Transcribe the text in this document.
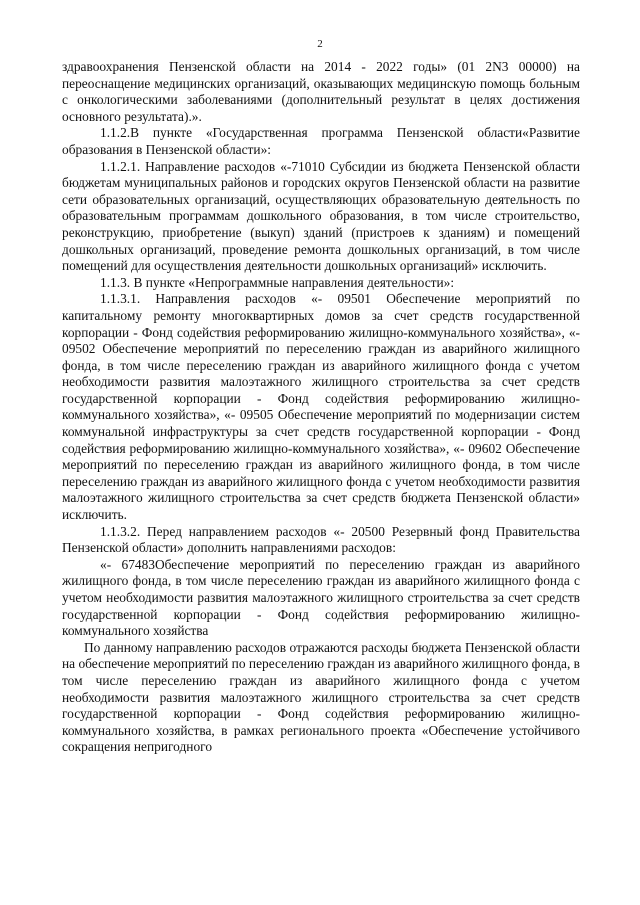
2

здравоохранения Пензенской области на 2014 - 2022 годы» (01 2N3 00000) на переоснащение медицинских организаций, оказывающих медицинскую помощь больным с онкологическими заболеваниями (дополнительный результат в целях достижения основного результата).».

1.1.2.В пункте «Государственная программа Пензенской области«Развитие образования в Пензенской области»:

1.1.2.1. Направление расходов «-71010 Субсидии из бюджета Пензенской области бюджетам муниципальных районов и городских округов Пензенской области на развитие сети образовательных организаций, осуществляющих образовательную деятельность по образовательным программам дошкольного образования, в том числе строительство, реконструкцию, приобретение (выкуп) зданий (пристроев к зданиям) и помещений дошкольных организаций, проведение ремонта дошкольных организаций, в том числе помещений для осуществления деятельности дошкольных организаций» исключить.

1.1.3. В пункте «Непрограммные направления деятельности»:

1.1.3.1. Направления расходов «- 09501 Обеспечение мероприятий по капитальному ремонту многоквартирных домов за счет средств государственной корпорации - Фонд содействия реформированию жилищно-коммунального хозяйства», «- 09502 Обеспечение мероприятий по переселению граждан из аварийного жилищного фонда, в том числе переселению граждан из аварийного жилищного фонда с учетом необходимости развития малоэтажного жилищного строительства за счет средств государственной корпорации - Фонд содействия реформированию жилищно-коммунального хозяйства», «- 09505 Обеспечение мероприятий по модернизации систем коммунальной инфраструктуры за счет средств государственной корпорации - Фонд содействия реформированию жилищно-коммунального хозяйства», «- 09602 Обеспечение мероприятий по переселению граждан из аварийного жилищного фонда, в том числе переселению граждан из аварийного жилищного фонда с учетом необходимости развития малоэтажного жилищного строительства за счет средств бюджета Пензенской области» исключить.

1.1.3.2. Перед направлением расходов «- 20500 Резервный фонд Правительства Пензенской области» дополнить направлениями расходов:

«- 67483Обеспечение мероприятий по переселению граждан из аварийного жилищного фонда, в том числе переселению граждан из аварийного жилищного фонда с учетом необходимости развития малоэтажного жилищного строительства за счет средств государственной корпорации - Фонд содействия реформированию жилищно-коммунального хозяйства

По данному направлению расходов отражаются расходы бюджета Пензенской области на обеспечение мероприятий по переселению граждан из аварийного жилищного фонда, в том числе переселению граждан из аварийного жилищного фонда с учетом необходимости развития малоэтажного жилищного строительства за счет средств государственной корпорации - Фонд содействия реформированию жилищно-коммунального хозяйства, в рамках регионального проекта «Обеспечение устойчивого сокращения непригодного
